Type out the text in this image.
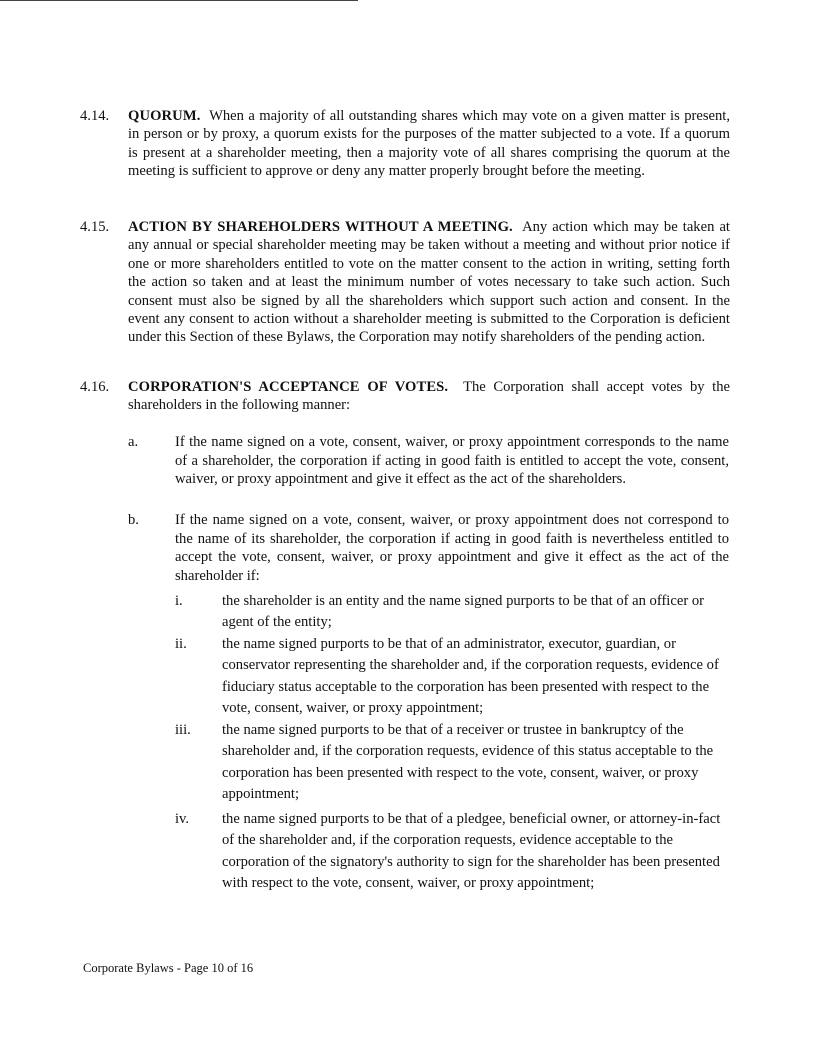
4.14.	QUORUM. When a majority of all outstanding shares which may vote on a given matter is present, in person or by proxy, a quorum exists for the purposes of the matter subjected to a vote. If a quorum is present at a shareholder meeting, then a majority vote of all shares comprising the quorum at the meeting is sufficient to approve or deny any matter properly brought before the meeting.
4.15.	ACTION BY SHAREHOLDERS WITHOUT A MEETING. Any action which may be taken at any annual or special shareholder meeting may be taken without a meeting and without prior notice if one or more shareholders entitled to vote on the matter consent to the action in writing, setting forth the action so taken and at least the minimum number of votes necessary to take such action. Such consent must also be signed by all the shareholders which support such action and consent. In the event any consent to action without a shareholder meeting is submitted to the Corporation is deficient under this Section of these Bylaws, the Corporation may notify shareholders of the pending action.
4.16.	CORPORATION'S ACCEPTANCE OF VOTES. The Corporation shall accept votes by the shareholders in the following manner:
a.	If the name signed on a vote, consent, waiver, or proxy appointment corresponds to the name of a shareholder, the corporation if acting in good faith is entitled to accept the vote, consent, waiver, or proxy appointment and give it effect as the act of the shareholders.
b.	If the name signed on a vote, consent, waiver, or proxy appointment does not correspond to the name of its shareholder, the corporation if acting in good faith is nevertheless entitled to accept the vote, consent, waiver, or proxy appointment and give it effect as the act of the shareholder if:
i.	the shareholder is an entity and the name signed purports to be that of an officer or agent of the entity;
ii.	the name signed purports to be that of an administrator, executor, guardian, or conservator representing the shareholder and, if the corporation requests, evidence of fiduciary status acceptable to the corporation has been presented with respect to the vote, consent, waiver, or proxy appointment;
iii.	the name signed purports to be that of a receiver or trustee in bankruptcy of the shareholder and, if the corporation requests, evidence of this status acceptable to the corporation has been presented with respect to the vote, consent, waiver, or proxy appointment;
iv.	the name signed purports to be that of a pledgee, beneficial owner, or attorney-in-fact of the shareholder and, if the corporation requests, evidence acceptable to the corporation of the signatory's authority to sign for the shareholder has been presented with respect to the vote, consent, waiver, or proxy appointment;
Corporate Bylaws - Page 10 of 16
